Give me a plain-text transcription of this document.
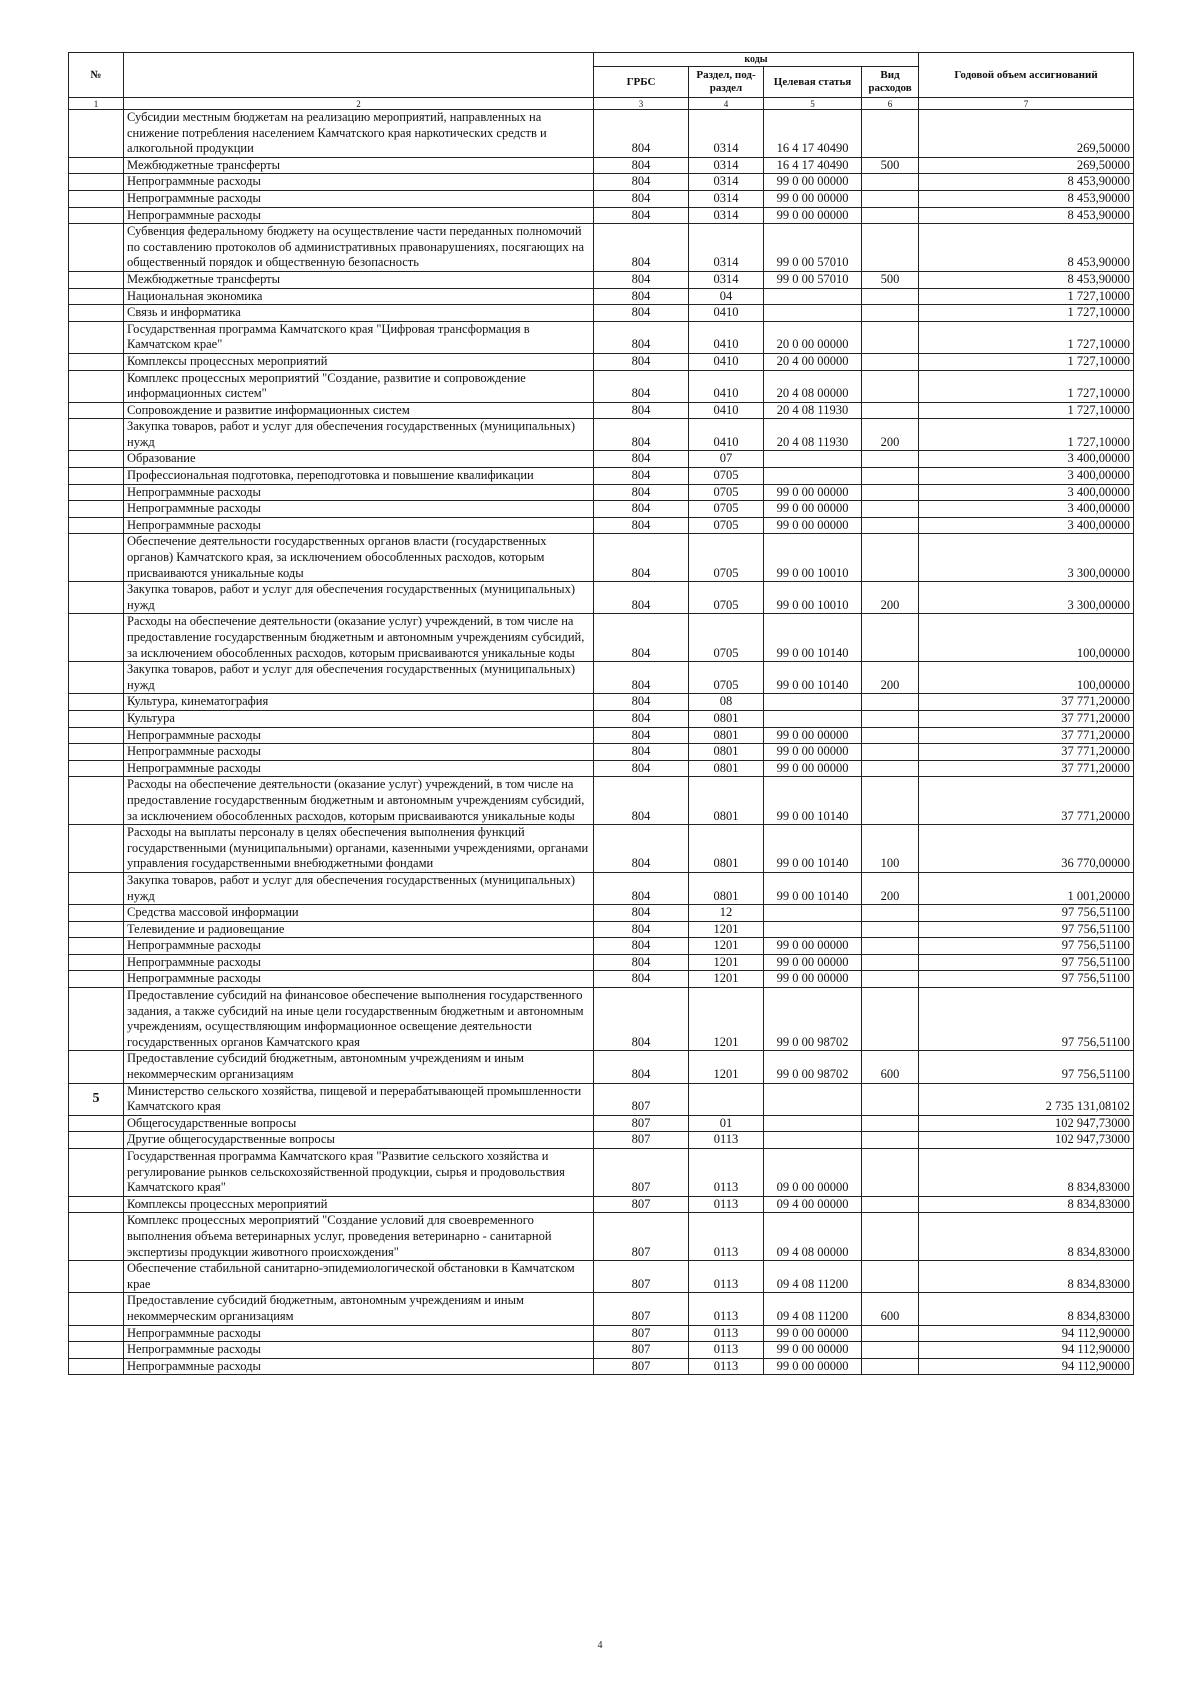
№		коды				Годовой объем ассигнований
		ГРБС	Раздел, под-раздел	Целевая статья	Вид расходов	
1	2	3	4	5	6	7
	Субсидии местным бюджетам на реализацию мероприятий, направленных на снижение потребления населением Камчатского края наркотических средств и алкогольной продукции	804	0314	16 4 17 40490		269,50000
	Межбюджетные трансферты	804	0314	16 4 17 40490	500	269,50000
	Непрограммные расходы	804	0314	99 0 00 00000		8 453,90000
	Непрограммные расходы	804	0314	99 0 00 00000		8 453,90000
	Непрограммные расходы	804	0314	99 0 00 00000		8 453,90000
	Субвенция федеральному бюджету на осуществление части переданных полномочий по составлению протоколов об административных правонарушениях, посягающих на общественный порядок и общественную безопасность	804	0314	99 0 00 57010		8 453,90000
	Межбюджетные трансферты	804	0314	99 0 00 57010	500	8 453,90000
	Национальная экономика	804	04			1 727,10000
	Связь и информатика	804	0410			1 727,10000
	Государственная программа Камчатского края "Цифровая трансформация в Камчатском крае"	804	0410	20 0 00 00000		1 727,10000
	Комплексы процессных мероприятий	804	0410	20 4 00 00000		1 727,10000
	Комплекс процессных мероприятий "Создание, развитие и сопровождение информационных систем"	804	0410	20 4 08 00000		1 727,10000
	Сопровождение и развитие информационных систем	804	0410	20 4 08 11930		1 727,10000
	Закупка товаров, работ и услуг для обеспечения государственных (муниципальных) нужд	804	0410	20 4 08 11930	200	1 727,10000
	Образование	804	07			3 400,00000
	Профессиональная подготовка, переподготовка и повышение квалификации	804	0705			3 400,00000
	Непрограммные расходы	804	0705	99 0 00 00000		3 400,00000
	Непрограммные расходы	804	0705	99 0 00 00000		3 400,00000
	Непрограммные расходы	804	0705	99 0 00 00000		3 400,00000
	Обеспечение деятельности государственных органов власти (государственных органов) Камчатского края, за исключением обособленных расходов, которым присваиваются уникальные коды	804	0705	99 0 00 10010		3 300,00000
	Закупка товаров, работ и услуг для обеспечения государственных (муниципальных) нужд	804	0705	99 0 00 10010	200	3 300,00000
	Расходы на обеспечение деятельности (оказание услуг) учреждений, в том числе на предоставление государственным бюджетным и автономным учреждениям субсидий, за исключением обособленных расходов, которым присваиваются уникальные коды	804	0705	99 0 00 10140		100,00000
	Закупка товаров, работ и услуг для обеспечения государственных (муниципальных) нужд	804	0705	99 0 00 10140	200	100,00000
	Культура, кинематография	804	08			37 771,20000
	Культура	804	0801			37 771,20000
	Непрограммные расходы	804	0801	99 0 00 00000		37 771,20000
	Непрограммные расходы	804	0801	99 0 00 00000		37 771,20000
	Непрограммные расходы	804	0801	99 0 00 00000		37 771,20000
	Расходы на обеспечение деятельности (оказание услуг) учреждений, в том числе на предоставление государственным бюджетным и автономным учреждениям субсидий, за исключением обособленных расходов, которым присваиваются уникальные коды	804	0801	99 0 00 10140		37 771,20000
	Расходы на выплаты персоналу в целях обеспечения выполнения функций государственными (муниципальными) органами, казенными учреждениями, органами управления государственными внебюджетными фондами	804	0801	99 0 00 10140	100	36 770,00000
	Закупка товаров, работ и услуг для обеспечения государственных (муниципальных) нужд	804	0801	99 0 00 10140	200	1 001,20000
	Средства массовой информации	804	12			97 756,51100
	Телевидение и радиовещание	804	1201			97 756,51100
	Непрограммные расходы	804	1201	99 0 00 00000		97 756,51100
	Непрограммные расходы	804	1201	99 0 00 00000		97 756,51100
	Непрограммные расходы	804	1201	99 0 00 00000		97 756,51100
	Предоставление субсидий на финансовое обеспечение выполнения государственного задания, а также субсидий на иные цели государственным бюджетным и автономным учреждениям, осуществляющим информационное освещение деятельности государственных органов Камчатского края	804	1201	99 0 00 98702		97 756,51100
	Предоставление субсидий бюджетным, автономным учреждениям и иным некоммерческим организациям	804	1201	99 0 00 98702	600	97 756,51100
5	Министерство сельского хозяйства, пищевой и перерабатывающей промышленности Камчатского края	807				2 735 131,08102
	Общегосударственные вопросы	807	01			102 947,73000
	Другие общегосударственные вопросы	807	0113			102 947,73000
	Государственная программа Камчатского края "Развитие сельского хозяйства и регулирование рынков сельскохозяйственной продукции, сырья и продовольствия Камчатского края"	807	0113	09 0 00 00000		8 834,83000
	Комплексы процессных мероприятий	807	0113	09 4 00 00000		8 834,83000
	Комплекс процессных мероприятий "Создание условий для своевременного выполнения объема ветеринарных услуг, проведения ветеринарно - санитарной экспертизы продукции животного происхождения"	807	0113	09 4 08 00000		8 834,83000
	Обеспечение стабильной санитарно-эпидемиологической обстановки в Камчатском крае	807	0113	09 4 08 11200		8 834,83000
	Предоставление субсидий бюджетным, автономным учреждениям и иным некоммерческим организациям	807	0113	09 4 08 11200	600	8 834,83000
	Непрограммные расходы	807	0113	99 0 00 00000		94 112,90000
	Непрограммные расходы	807	0113	99 0 00 00000		94 112,90000
	Непрограммные расходы	807	0113	99 0 00 00000		94 112,90000
4
